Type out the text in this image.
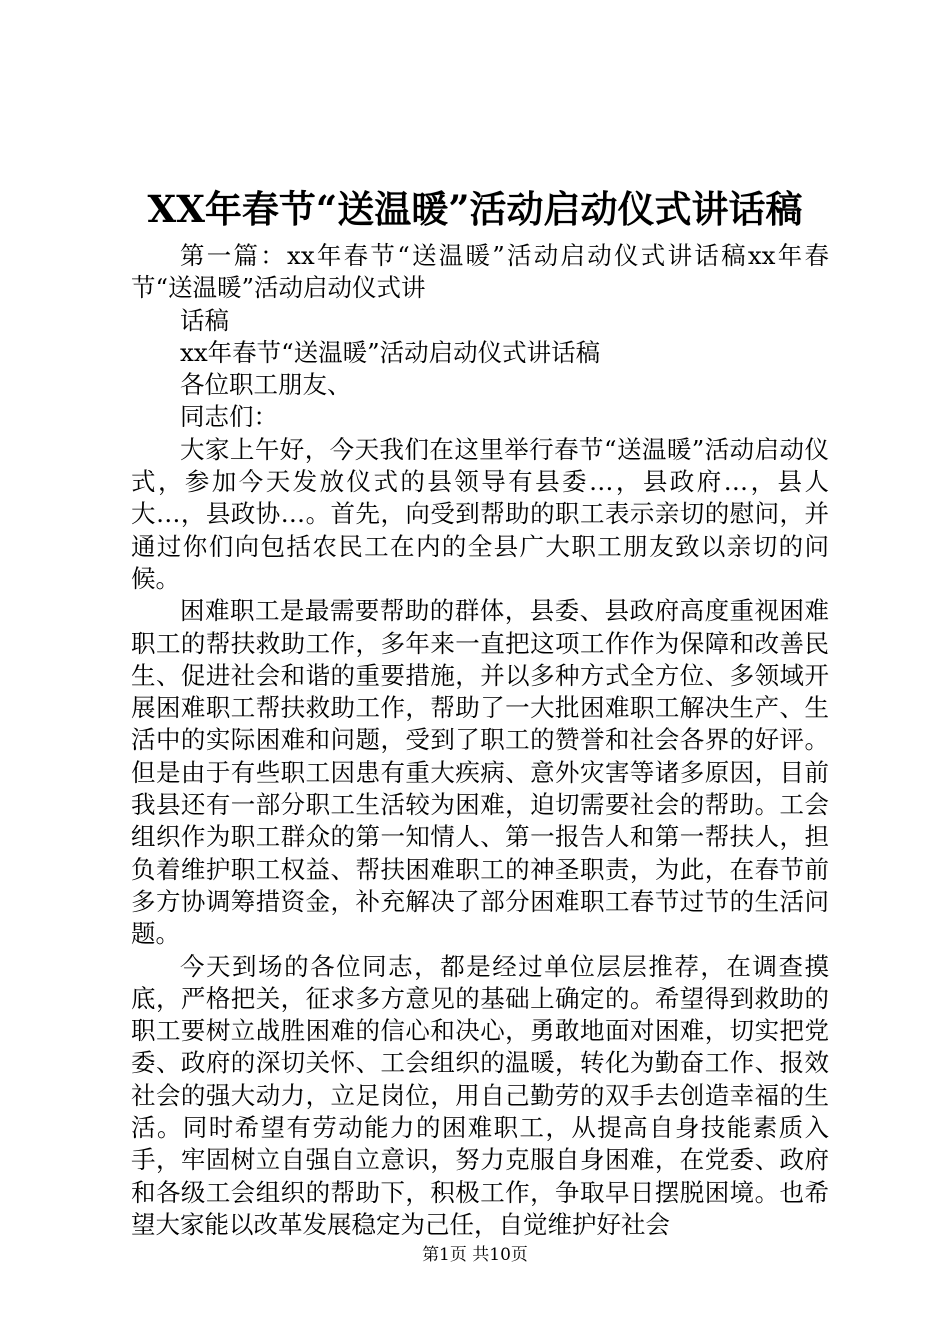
XX年春节“送温暖”活动启动仪式讲话稿

第一篇：xx年春节“送温暖”活动启动仪式讲话稿xx年春节“送温暖”活动启动仪式讲

话稿

xx年春节“送温暖”活动启动仪式讲话稿

各位职工朋友、

同志们：

大家上午好，今天我们在这里举行春节“送温暖”活动启动仪式，参加今天发放仪式的县领导有县委…，县政府…，县人大…，县政协…。首先，向受到帮助的职工表示亲切的慰问，并通过你们向包括农民工在内的全县广大职工朋友致以亲切的问候。

困难职工是最需要帮助的群体，县委、县政府高度重视困难职工的帮扶救助工作，多年来一直把这项工作作为保障和改善民生、促进社会和谐的重要措施，并以多种方式全方位、多领域开展困难职工帮扶救助工作，帮助了一大批困难职工解决生产、生活中的实际困难和问题，受到了职工的赞誉和社会各界的好评。但是由于有些职工因患有重大疾病、意外灾害等诸多原因，目前我县还有一部分职工生活较为困难，迫切需要社会的帮助。工会组织作为职工群众的第一知情人、第一报告人和第一帮扶人，担负着维护职工权益、帮扶困难职工的神圣职责，为此，在春节前多方协调筹措资金，补充解决了部分困难职工春节过节的生活问题。

今天到场的各位同志，都是经过单位层层推荐，在调查摸底，严格把关，征求多方意见的基础上确定的。希望得到救助的职工要树立战胜困难的信心和决心，勇敢地面对困难，切实把党委、政府的深切关怀、工会组织的温暖，转化为勤奋工作、报效社会的强大动力，立足岗位，用自己勤劳的双手去创造幸福的生活。同时希望有劳动能力的困难职工，从提高自身技能素质入手，牢固树立自强自立意识，努力克服自身困难，在党委、政府和各级工会组织的帮助下，积极工作，争取早日摆脱困境。也希望大家能以改革发展稳定为己任，自觉维护好社会

第1页 共10页
